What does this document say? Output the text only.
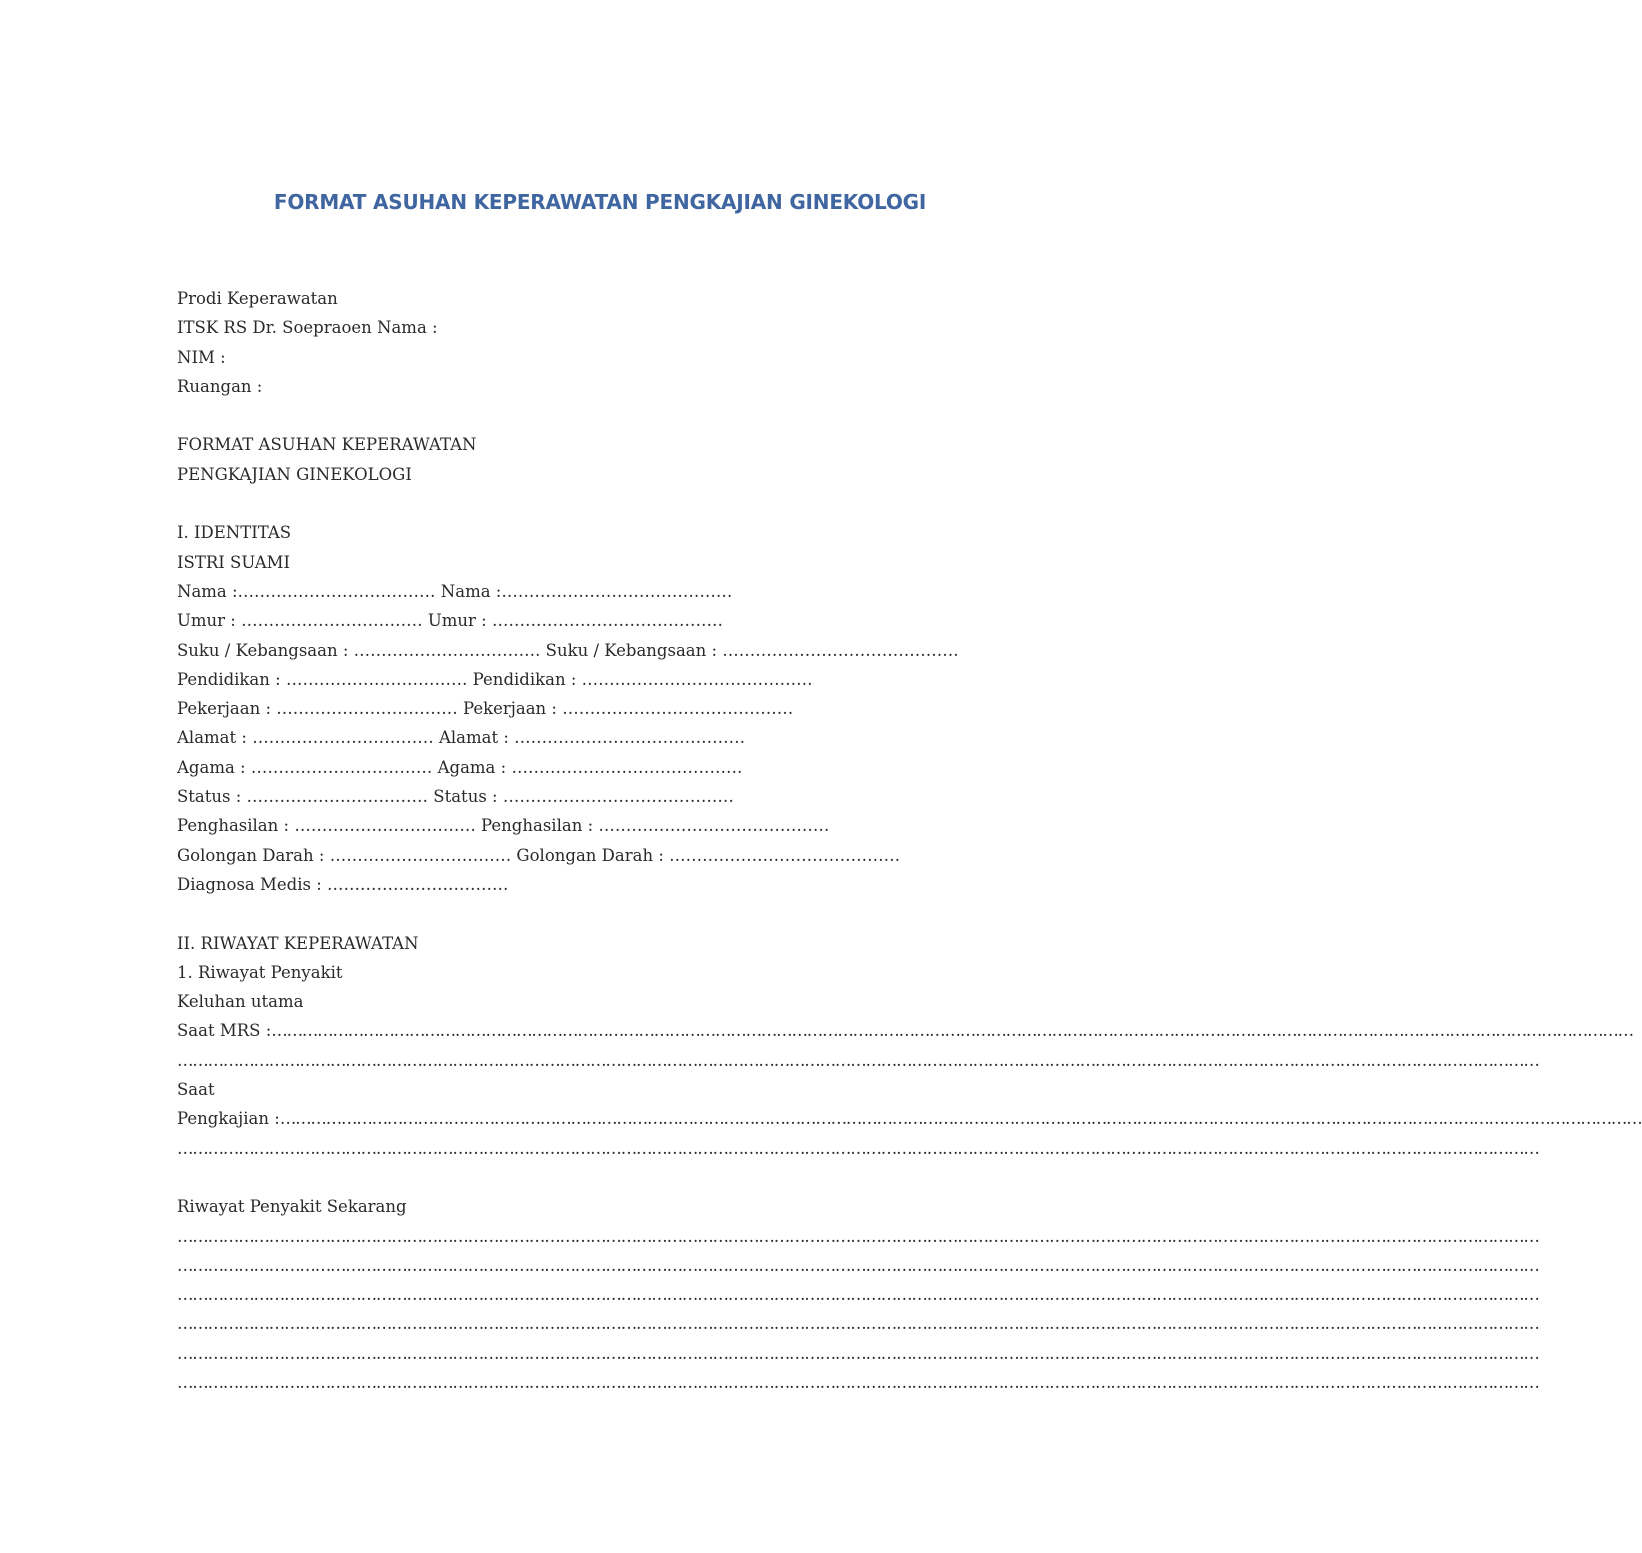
FORMAT ASUHAN KEPERAWATAN PENGKAJIAN GINEKOLOGI
Prodi Keperawatan
ITSK RS Dr. Soepraoen Nama :
NIM :
Ruangan :
FORMAT ASUHAN KEPERAWATAN
PENGKAJIAN GINEKOLOGI
I. IDENTITAS
ISTRI SUAMI
Nama :……………………………… Nama :……………………………………
Umur : …………………………… Umur : ……………………………………
Suku / Kebangsaan : ……………………………. Suku / Kebangsaan : …………………………………….
Pendidikan : …………………………… Pendidikan : ……………………………………
Pekerjaan : …………………………… Pekerjaan : ……………………………………
Alamat : …………………………… Alamat : ……………………………………
Agama : …………………………… Agama : ……………………………………
Status : …………………………… Status : ……………………………………
Penghasilan : …………………………… Penghasilan : ……………………………………
Golongan Darah : …………………………… Golongan Darah : ……………………………………
Diagnosa Medis : ……………………………
II. RIWAYAT KEPERAWATAN
1. Riwayat Penyakit
Keluhan utama
Saat MRS :……………………………………………………………………………………………………………………………………………………………………………………………………………………………………………
……………………………………………………………………………………………………………………………………………………………………………………………………………………………………………
Saat
Pengkajian :……………………………………………………………………………………………………………………………………………………………………………………………………………………………………………
……………………………………………………………………………………………………………………………………………………………………………………………………………………………………………
Riwayat Penyakit Sekarang
……………………………………………………………………………………………………………………………………………………………………………………………………………………………………………
……………………………………………………………………………………………………………………………………………………………………………………………………………………………………………
……………………………………………………………………………………………………………………………………………………………………………………………………………………………………………
……………………………………………………………………………………………………………………………………………………………………………………………………………………………………………
……………………………………………………………………………………………………………………………………………………………………………………………………………………………………………
……………………………………………………………………………………………………………………………………………………………………………………………………………………………………………
